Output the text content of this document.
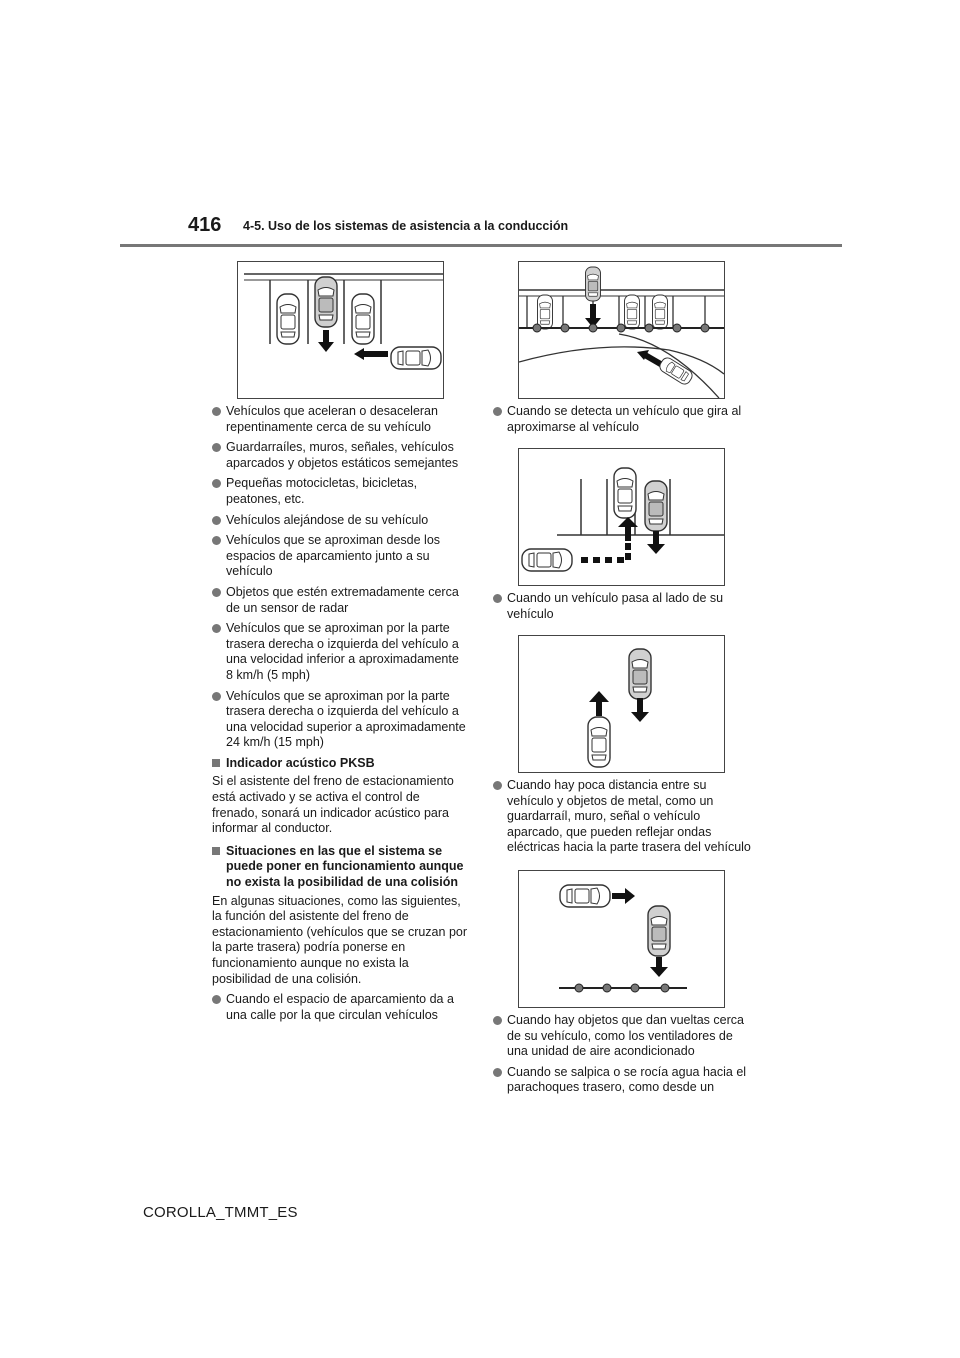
416 4-5. Uso de los sistemas de asistencia a la conducción
Vehículos que aceleran o desaceleran repentinamente cerca de su vehículo
Guardarraíles, muros, señales, vehículos aparcados y objetos estáticos semejantes
Pequeñas motocicletas, bicicletas, peatones, etc.
Vehículos alejándose de su vehículo
Vehículos que se aproximan desde los espacios de aparcamiento junto a su vehículo
Objetos que estén extremadamente cerca de un sensor de radar
Vehículos que se aproximan por la parte trasera derecha o izquierda del vehículo a una velocidad inferior a aproximadamente 8 km/h (5 mph)
Vehículos que se aproximan por la parte trasera derecha o izquierda del vehículo a una velocidad superior a aproximadamente 24 km/h (15 mph)
Indicador acústico PKSB
Si el asistente del freno de estacionamiento está activado y se activa el control de frenado, sonará un indicador acústico para informar al conductor.
Situaciones en las que el sistema se puede poner en funcionamiento aunque no exista la posibilidad de una colisión
En algunas situaciones, como las siguientes, la función del asistente del freno de estacionamiento (vehículos que se cruzan por la parte trasera) podría ponerse en funcionamiento aunque no exista la posibilidad de una colisión.
Cuando el espacio de aparcamiento da a una calle por la que circulan vehículos
Cuando se detecta un vehículo que gira al aproximarse al vehículo
Cuando un vehículo pasa al lado de su vehículo
Cuando hay poca distancia entre su vehículo y objetos de metal, como un guardarraíl, muro, señal o vehículo aparcado, que pueden reflejar ondas eléctricas hacia la parte trasera del vehículo
Cuando hay objetos que dan vueltas cerca de su vehículo, como los ventiladores de una unidad de aire acondicionado
Cuando se salpica o se rocía agua hacia el parachoques trasero, como desde un
COROLLA_TMMT_ES
